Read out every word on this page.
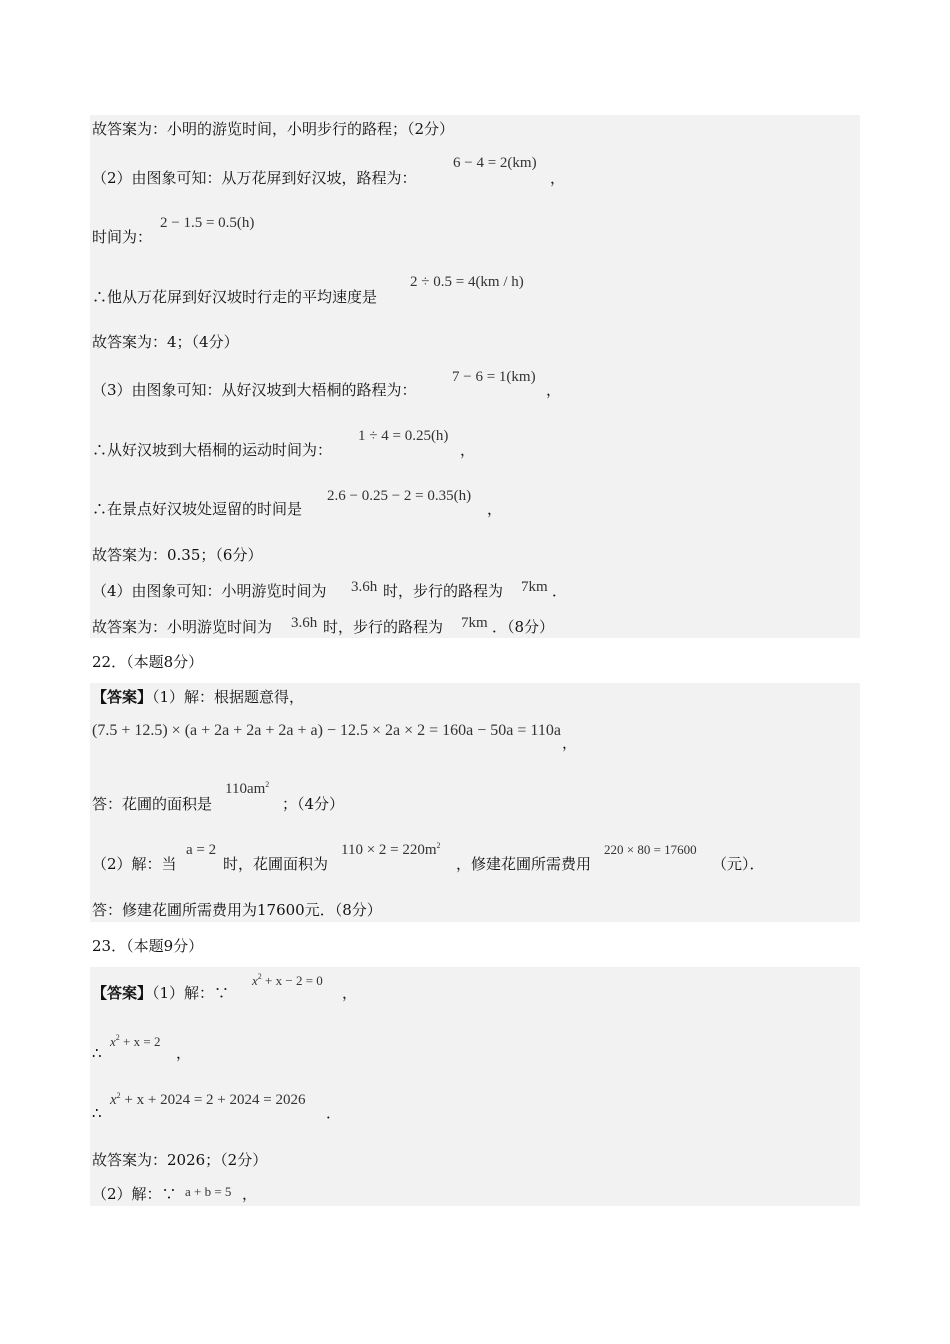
故答案为：小明的游览时间，小明步行的路程；（2分）
（2）由图象可知：从万花屏到好汉坡，路程为：
6 − 4 = 2(km)
，
时间为：
2 − 1.5 = 0.5(h)
∴他从万花屏到好汉坡时行走的平均速度是
2 ÷ 0.5 = 4(km / h)
故答案为：4；（4分）
（3）由图象可知：从好汉坡到大梧桐的路程为：
7 − 6 = 1(km)
，
∴从好汉坡到大梧桐的运动时间为：
1 ÷ 4 = 0.25(h)
，
∴在景点好汉坡处逗留的时间是
2.6 − 0.25 − 2 = 0.35(h)
，
故答案为：0.35；（6分）
（4）由图象可知：小明游览时间为 3.6h 时，步行的路程为 7km ．
故答案为：小明游览时间为 3.6h 时，步行的路程为 7km ．（8分）
22．（本题8分）
【答案】（1）解：根据题意得，
(7.5 + 12.5) × (a + 2a + 2a + 2a + a) − 12.5 × 2a × 2 = 160a − 50a = 110a
，
答：花圃的面积是
$110am^2$
；（4分）
（2）解：当
a = 2
时，花圃面积为
$110 \times 2 = 220m^2$
，修建花圃所需费用
220 × 80 = 17600
（元）．
答：修建花圃所需费用为17600元．（8分）
23．（本题9分）
【答案】（1）解：∵
$x^2 + x - 2 = 0$
，
∴
$x^2 + x = 2$
，
∴
$x^2 + x + 2024 = 2 + 2024 = 2026$
．
故答案为：2026；（2分）
（2）解：∵ a + b = 5 ，
